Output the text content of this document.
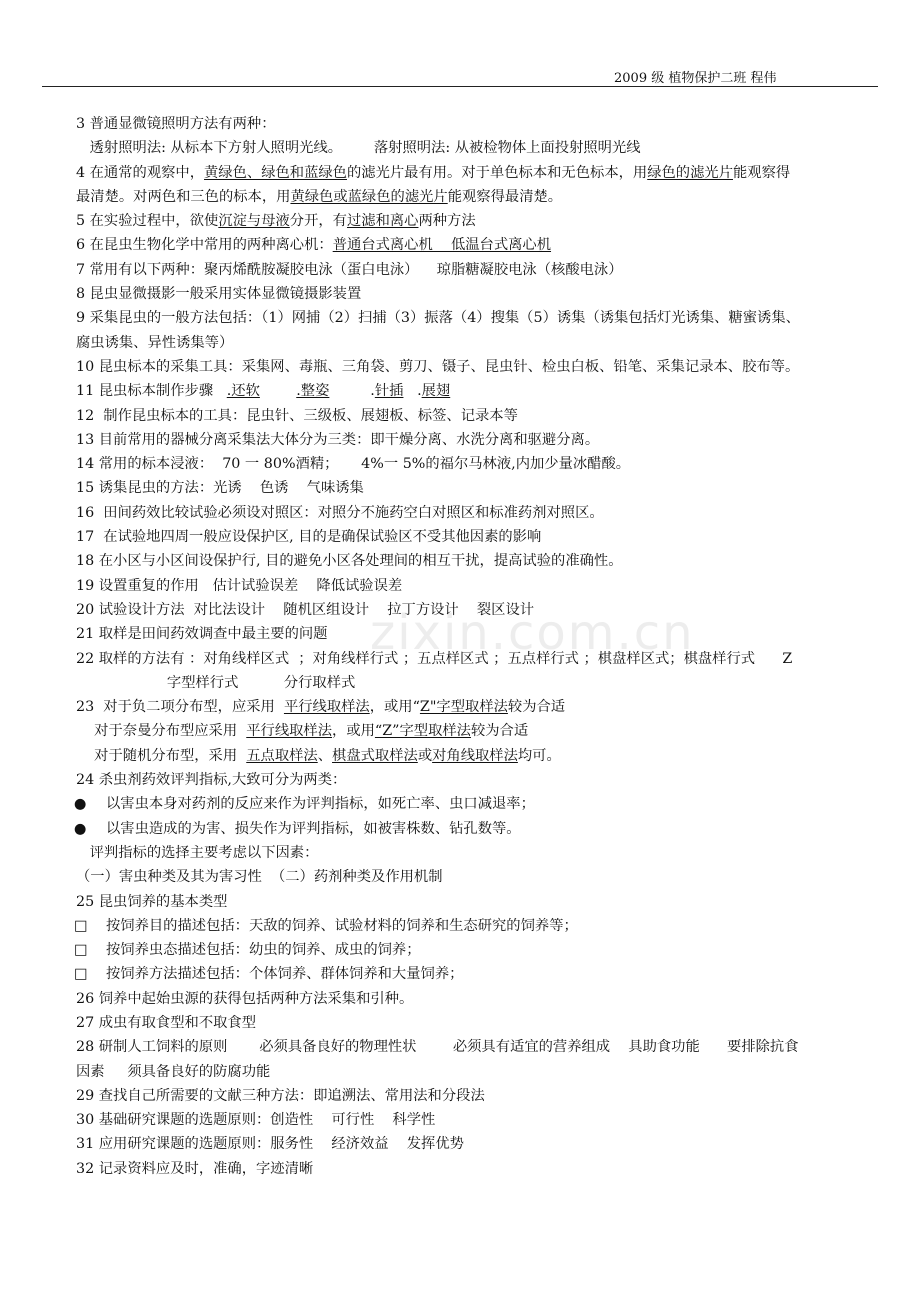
2009 级 植物保护二班 程伟
zixin.com.cn
3 普通显微镜照明方法有两种：
透射照明法: 从标本下方射人照明光线。       落射照明法: 从被检物体上面投射照明光线
4 在通常的观察中，黄绿色、绿色和蓝绿色的滤光片最有用。对于单色标本和无色标本，用绿色的滤光片能观察得
最清楚。对两色和三色的标本，用黄绿色或蓝绿色的滤光片能观察得最清楚。
5 在实验过程中，欲使沉淀与母液分开，有过滤和离心两种方法
6 在昆虫生物化学中常用的两种离心机：普通台式离心机    低温台式离心机
7 常用有以下两种：聚丙烯酰胺凝胶电泳（蛋白电泳）    琼脂糖凝胶电泳（核酸电泳）
8 昆虫显微摄影一般采用实体显微镜摄影装置
9 采集昆虫的一般方法包括：（1）网捕（2）扫捕（3）振落（4）搜集（5）诱集（诱集包括灯光诱集、糖蜜诱集、
腐虫诱集、异性诱集等）
10 昆虫标本的采集工具：采集网、毒瓶、三角袋、剪刀、镊子、昆虫针、检虫白板、铅笔、采集记录本、胶布等。
11 昆虫标本制作步骤   .还软	.整姿         .针插   .展翅
12  制作昆虫标本的工具：昆虫针、三级板、展翅板、标签、记录本等
13 目前常用的器械分离采集法大体分为三类：即干燥分离、水洗分离和驱避分离。
14 常用的标本浸液：  70 一 80%酒精；     4%一 5%的福尔马林液,内加少量冰醋酸。
15 诱集昆虫的方法：光诱    色诱    气味诱集
16  田间药效比较试验必须设对照区：对照分不施药空白对照区和标准药剂对照区。
17  在试验地四周一般应设保护区, 目的是确保试验区不受其他因素的影响
18 在小区与小区间设保护行, 目的避免小区各处理间的相互干扰，提高试验的准确性。
19 设置重复的作用   估计试验误差    降低试验误差
20 试验设计方法  对比法设计    随机区组设计    拉丁方设计    裂区设计
21 取样是田间药效调查中最主要的问题
22 取样的方法有 ：对角线样区式  ；对角线样行式 ；五点样区式 ；五点样行式 ；棋盘样区式；棋盘样行式      Z
字型样行式          分行取样式
23  对于负二项分布型，应采用  平行线取样法，或用“Z"字型取样法较为合适
对于奈曼分布型应采用  平行线取样法，或用“Z”字型取样法较为合适
对于随机分布型，采用  五点取样法、棋盘式取样法或对角线取样法均可。
24 杀虫剂药效评判指标,大致可分为两类：
● 以害虫本身对药剂的反应来作为评判指标，如死亡率、虫口减退率；
● 以害虫造成的为害、损失作为评判指标，如被害株数、钻孔数等。
评判指标的选择主要考虑以下因素：
（一）害虫种类及其为害习性  （二）药剂种类及作用机制
25 昆虫饲养的基本类型
□ 按饲养目的描述包括：天敌的饲养、试验材料的饲养和生态研究的饲养等；
□ 按饲养虫态描述包括：幼虫的饲养、成虫的饲养；
□ 按饲养方法描述包括：个体饲养、群体饲养和大量饲养；
26 饲养中起始虫源的获得包括两种方法采集和引种。
27 成虫有取食型和不取食型
28 研制人工饲料的原则       必须具备良好的物理性状        必须具有适宜的营养组成    具助食功能      要排除抗食
因素     须具备良好的防腐功能
29 查找自己所需要的文献三种方法：即追溯法、常用法和分段法
30 基础研究课题的选题原则：创造性    可行性    科学性
31 应用研究课题的选题原则：服务性    经济效益    发挥优势
32 记录资料应及时，准确，字迹清晰
